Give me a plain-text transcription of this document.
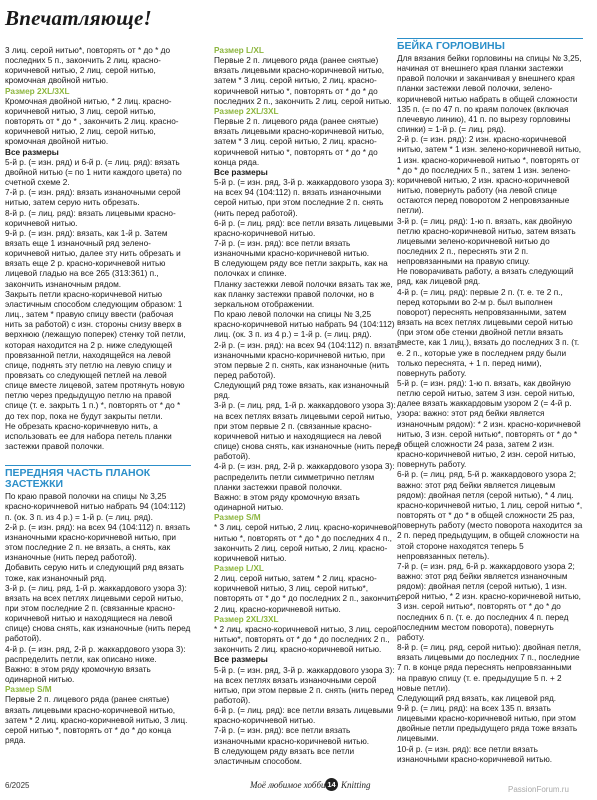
Впечатляюще!

3 лиц. серой нитью*, повторять от * до * до последних 5 п., закончить 2 лиц. красно-коричневой нитью, 2 лиц. серой нитью, кромочная двойной нитью.

Размер 2XL/3XL

Кромочная двойной нитью, * 2 лиц. красно-коричневой нитью, 3 лиц. серой нитью, повторять от * до * , закончить 2 лиц. красно-коричневой нитью, 2 лиц. серой нитью, кромочная двойной нитью.

Все размеры

5-й р. (= изн. ряд) и 6-й р. (= лиц. ряд): вязать двойной нитью (= по 1 нити каждого цвета) по счетной схеме 2.

7-й р. (= изн. ряд): вязать изнаночными серой нитью, затем серую нить обрезать.

8-й р. (= лиц. ряд): вязать лицевыми красно-коричневой нитью.

9-й р. (= изн. ряд): вязать, как 1-й р. Затем вязать еще 1 изнаночный ряд зелено-коричневой нитью, далее эту нить обрезать и вязать еще 2 р. красно-коричневой нитью лицевой гладью на все 265 (313:361) п., закончить изнаночным рядом.

Закрыть петли красно-коричневой нитью эластичным способом следующим образом: 1 лиц., затем * правую спицу ввести (рабочая нить за работой) с изн. стороны снизу вверх в верхнюю (лежащую поперек) стенку той петли, которая находится на 2 р. ниже следующей провязанной петли, находящейся на левой спице, поднять эту петлю на левую спицу и провязать со следующей петлей на левой спице вместе лицевой, затем протянуть новую петлю через предыдущую петлю на правой спице (т. е. закрыть 1 п.) *, повторять от * до * до тех пор, пока не будут закрыты петли.

Не обрезать красно-коричневую нить, а использовать ее для набора петель планки застежки правой полочки.

ПЕРЕДНЯЯ ЧАСТЬ ПЛАНОК ЗАСТЕЖКИ

По краю правой полочки на спицы № 3,25 красно-коричневой нитью набрать 94 (104:112) п. (ок. 3 п. из 4 р.) = 1-й р. (= лиц. ряд).

2-й р. (= изн. ряд): на всех 94 (104:112) п. вязать изнаночными красно-коричневой нитью, при этом последние 2 п. не вязать, а снять, как изнаночные (нить перед работой).

Добавить серую нить и следующий ряд вязать тоже, как изнаночный ряд.

3-й р. (= лиц. ряд, 1-й р. жаккардового узора 3): вязать на всех петлях лицевыми серой нитью, при этом последние 2 п. (связанные красно-коричневой нитью и находящиеся на левой спице) снова снять, как изнаночные (нить перед работой).

4-й р. (= изн. ряд, 2-й р. жаккардового узора 3): распределить петли, как описано ниже.

Важно: в этом ряду кромочную вязать одинарной нитью.

Размер S/M

Первые 2 п. лицевого ряда (ранее снятые) вязать лицевыми красно-коричневой нитью, затем * 2 лиц. красно-коричневой нитью, 3 лиц. серой нитью *, повторять от * до * до конца ряда.

Размер L/XL

Первые 2 п. лицевого ряда (ранее снятые) вязать лицевыми красно-коричневой нитью, затем * 3 лиц. серой нитью, 2 лиц. красно-коричневой нитью *, повторять от * до * до последних 2 п., закончить 2 лиц. серой нитью.

Размер 2XL/3XL

Первые 2 п. лицевого ряда (ранее снятые) вязать лицевыми красно-коричневой нитью, затем * 3 лиц. серой нитью, 2 лиц. красно-коричневой нитью *, повторять от * до * до конца ряда.

Все размеры

5-й р. (= изн. ряд, 3-й р. жаккардового узора 3): на всех 94 (104:112) п. вязать изнаночными серой нитью, при этом последние 2 п. снять (нить перед работой).

6-й р. (= лиц. ряд): все петли вязать лицевыми красно-коричневой нитью.

7-й р. (= изн. ряд): все петли вязать изнаночными красно-коричневой нитью.

В следующем ряду все петли закрыть, как на полочках и спинке.

Планку застежки левой полочки вязать так же, как планку застежки правой полочки, но в зеркальном отображении.

По краю левой полочки на спицы № 3,25 красно-коричневой нитью набрать 94 (104:112) лиц. (ок. 3 п. из 4 р.) = 1-й р. (= лиц. ряд).

2-й р. (= изн. ряд): на всех 94 (104:112) п. вязать изнаночными красно-коричневой нитью, при этом первые 2 п. снять, как изнаночные (нить перед работой).

Следующий ряд тоже вязать, как изнаночный ряд.

3-й р. (= лиц. ряд, 1-й р. жаккардового узора 3): на всех петлях вязать лицевыми серой нитью, при этом первые 2 п. (связанные красно-коричневой нитью и находящиеся на левой спице) снова снять, как изнаночные (нить перед работой).

4-й р. (= изн. ряд, 2-й р. жаккардового узора 3): распределить петли симметрично петлям планки застежки правой полочки.

Важно: в этом ряду кромочную вязать одинарной нитью.

Размер S/M

* 3 лиц. серой нитью, 2 лиц. красно-коричневой нитью *, повторять от * до * до последних 4 п., закончить 2 лиц. серой нитью, 2 лиц. красно-коричневой нитью.

Размер L/XL

2 лиц. серой нитью, затем * 2 лиц. красно-коричневой нитью, 3 лиц. серой нитью*, повторять от * до * до последних 2 п., закончить 2 лиц. красно-коричневой нитью.

Размер 2XL/3XL

* 2 лиц. красно-коричневой нитью, 3 лиц. серой нитью*, повторять от * до * до последних 2 п., закончить 2 лиц. красно-коричневой нитью.

Все размеры

5-й р. (= изн. ряд, 3-й р. жаккардового узора 3): на всех петлях вязать изнаночными серой нитью, при этом первые 2 п. снять (нить перед работой).

6-й р. (= лиц. ряд): все петли вязать лицевыми красно-коричневой нитью.

7-й р. (= изн. ряд): все петли вязать изнаночными красно-коричневой нитью.

В следующем ряду вязать все петли эластичным способом.

БЕЙКА ГОРЛОВИНЫ

Для вязания бейки горловины на спицы № 3,25, начиная от внешнего края планки застежки правой полочки и заканчивая у внешнего края планки застежки левой полочки, зелено-коричневой нитью набрать в общей сложности 135 п. (= по 47 п. по краям полочек (включая плечевую линию), 41 п. по вырезу горловины спинки) = 1-й р. (= лиц. ряд).

2-й р. (= изн. ряд): 2 изн. красно-коричневой нитью, затем * 1 изн. зелено-коричневой нитью, 1 изн. красно-коричневой нитью *, повторять от * до * до последних 5 п., затем 1 изн. зелено-коричневой нитью, 2 изн. красно-коричневой нитью, повернуть работу (на левой спице остаются перед поворотом 2 непровязанные петли).

3-й р. (= лиц. ряд): 1-ю п. вязать, как двойную петлю красно-коричневой нитью, затем вязать лицевыми зелено-коричневой нитью до последних 2 п., переснять эти 2 п. непровязанными на правую спицу.

Не поворачивать работу, а вязать следующий ряд, как лицевой ряд.

4-й р. (= лиц. ряд): первые 2 п. (т. е. те 2 п., перед которыми во 2-м р. был выполнен поворот) переснять непровязанными, затем вязать на всех петлях лицевыми серой нитью (при этом обе стенки двойной петли вязать вместе, как 1 лиц.), вязать до последних 3 п. (т. е. 2 п., которые уже в последнем ряду были только переснята, + 1 п. перед ними), повернуть работу.

5-й р. (= изн. ряд): 1-ю п. вязать, как двойную петлю серой нитью, затем 3 изн. серой нитью, далее вязать жаккардовым узором 2 (= 4-й р. узора: важно: этот ряд бейки является изнаночным рядом): * 2 изн. красно-коричневой нитью, 3 изн. серой нитью*, повторять от * до * в общей сложности 24 раза, затем 2 изн. красно-коричневой нитью, 2 изн. серой нитью, повернуть работу.

6-й р. (= лиц. ряд, 5-й р. жаккардового узора 2; важно: этот ряд бейки является лицевым рядом): двойная петля (серой нитью), * 4 лиц. красно-коричневой нитью, 1 лиц. серой нитью *, повторять от * до * в общей сложности 25 раз, повернуть работу (место поворота находится за 2 п. перед предыдущим, в общей сложности на этой стороне находятся теперь 5 непровязанных петель).

7-й р. (= изн. ряд, 6-й р. жаккардового узора 2; важно: этот ряд бейки является изнаночным рядом): двойная петля (серой нитью), 1 изн. серой нитью, * 2 изн. красно-коричневой нитью, 3 изн. серой нитью*, повторять от * до * до последних 6 п. (т. е. до последних 4 п. перед последним местом поворота), повернуть работу.

8-й р. (= лиц. ряд, серой нитью): двойная петля, вязать лицевыми до последних 7 п., последние 7 п. в конце ряда переснять непровязанными на правую спицу (т. е. предыдущие 5 п. + 2 новые петли).

Следующий ряд вязать, как лицевой ряд.

9-й р. (= лиц. ряд): на всех 135 п. вязать лицевыми красно-коричневой нитью, при этом двойные петли предыдущего ряда тоже вязать лицевыми.

10-й р. (= изн. ряд): все петли вязать изнаночными красно-коричневой нитью.

6/2025	Моё любимое хобби 14 Knitting	PassionForum.ru
